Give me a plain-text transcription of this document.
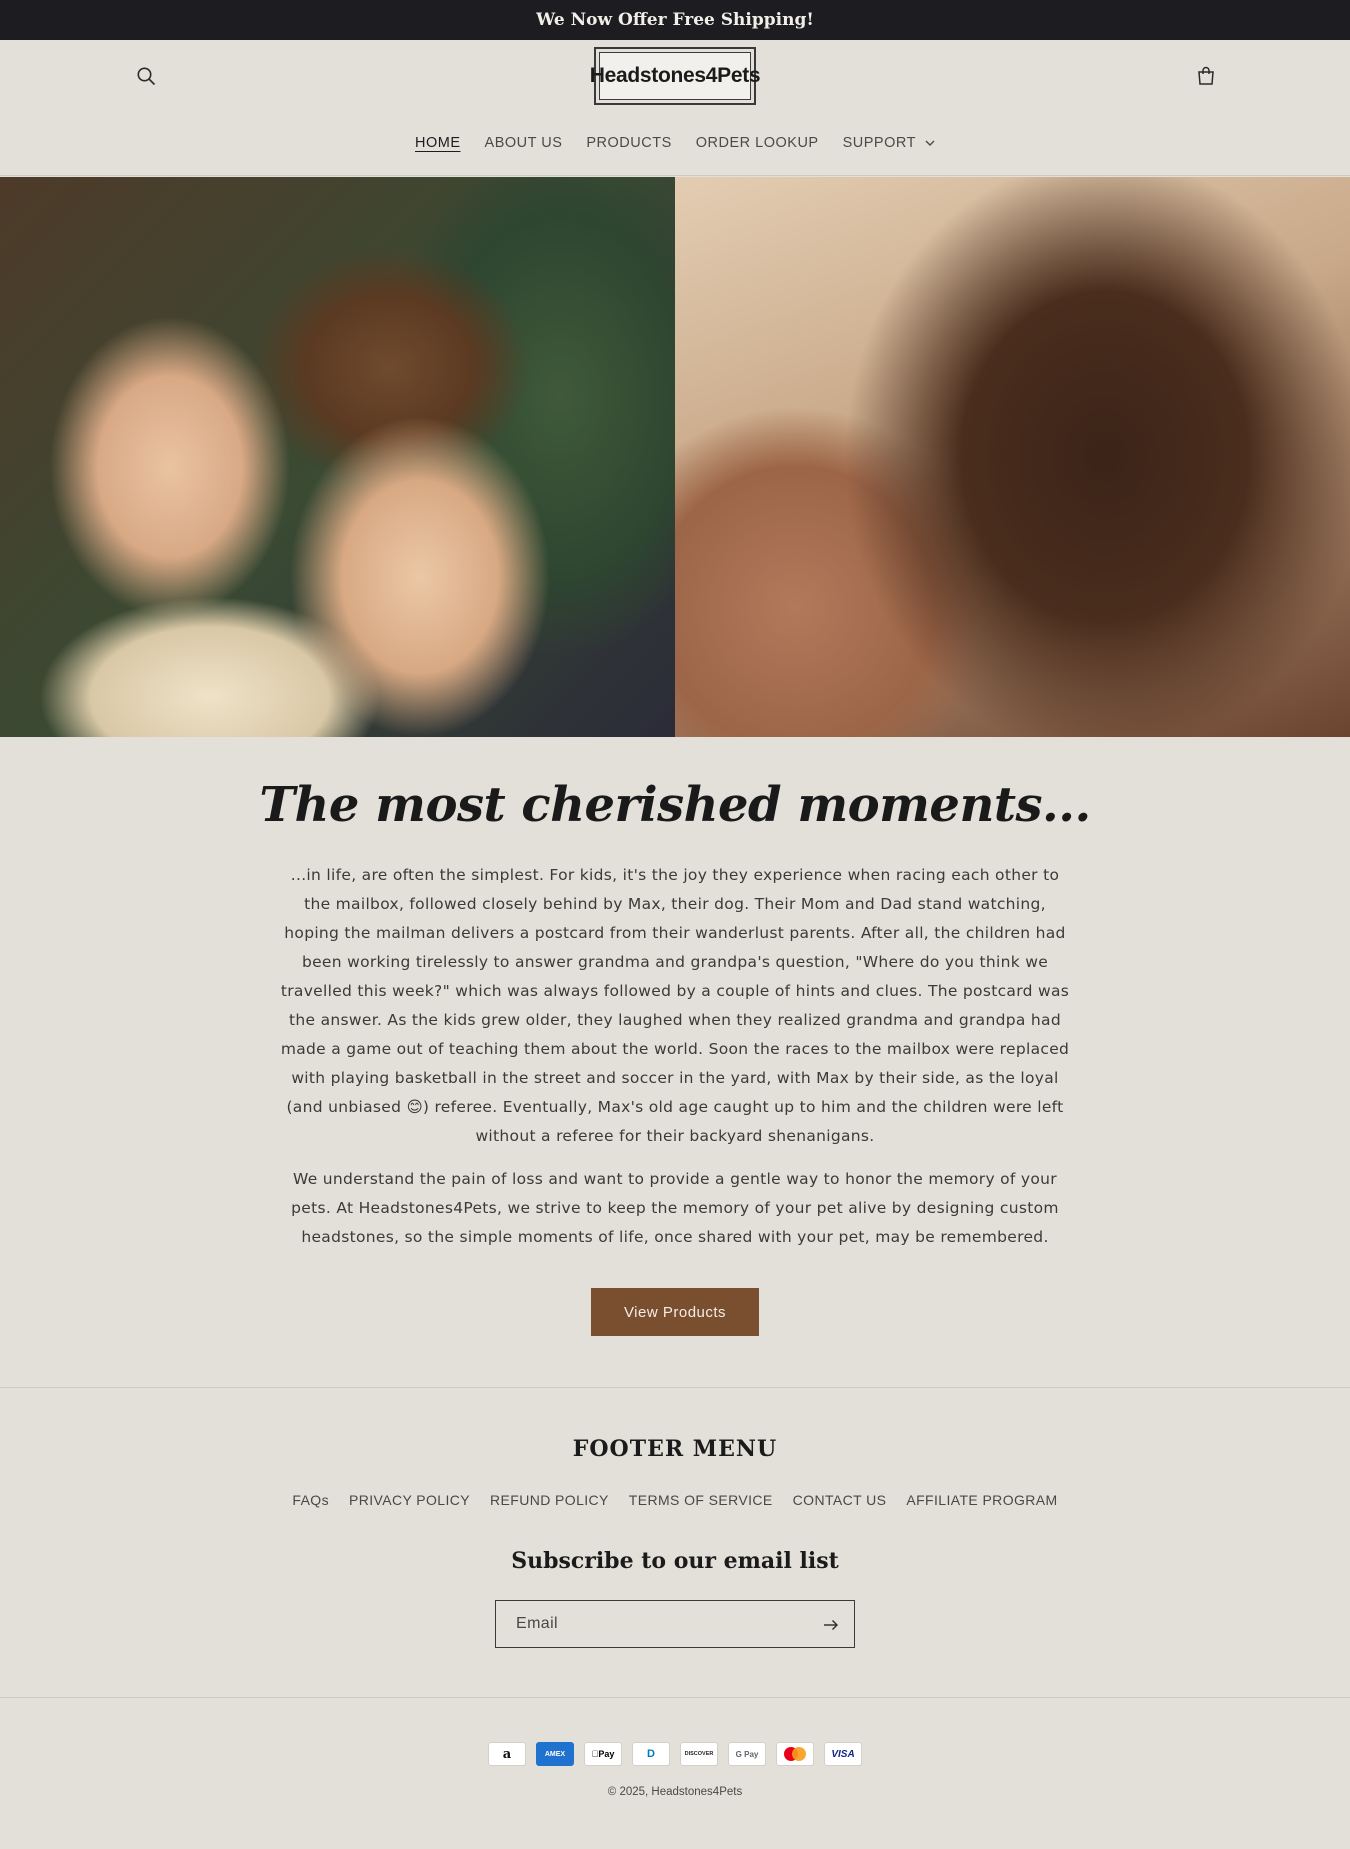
We Now Offer Free Shipping!
Headstones4Pets
HOME	ABOUT US	PRODUCTS	ORDER LOOKUP	SUPPORT
The most cherished moments...

...in life, are often the simplest. For kids, it's the joy they experience when racing each other to the mailbox, followed closely behind by Max, their dog. Their Mom and Dad stand watching, hoping the mailman delivers a postcard from their wanderlust parents. After all, the children had been working tirelessly to answer grandma and grandpa's question, "Where do you think we travelled this week?" which was always followed by a couple of hints and clues. The postcard was the answer. As the kids grew older, they laughed when they realized grandma and grandpa had made a game out of teaching them about the world. Soon the races to the mailbox were replaced with playing basketball in the street and soccer in the yard, with Max by their side, as the loyal (and unbiased 😊) referee. Eventually, Max's old age caught up to him and the children were left without a referee for their backyard shenanigans.

We understand the pain of loss and want to provide a gentle way to honor the memory of your pets. At Headstones4Pets, we strive to keep the memory of your pet alive by designing custom headstones, so the simple moments of life, once shared with your pet, may be remembered.

View Products
FOOTER MENU
FAQs PRIVACY POLICY REFUND POLICY TERMS OF SERVICE CONTACT US AFFILIATE PROGRAM
Subscribe to our email list
Email
a	AMEX	Pay	D	DISCOVER	G Pay	VISA
© 2025, Headstones4Pets
